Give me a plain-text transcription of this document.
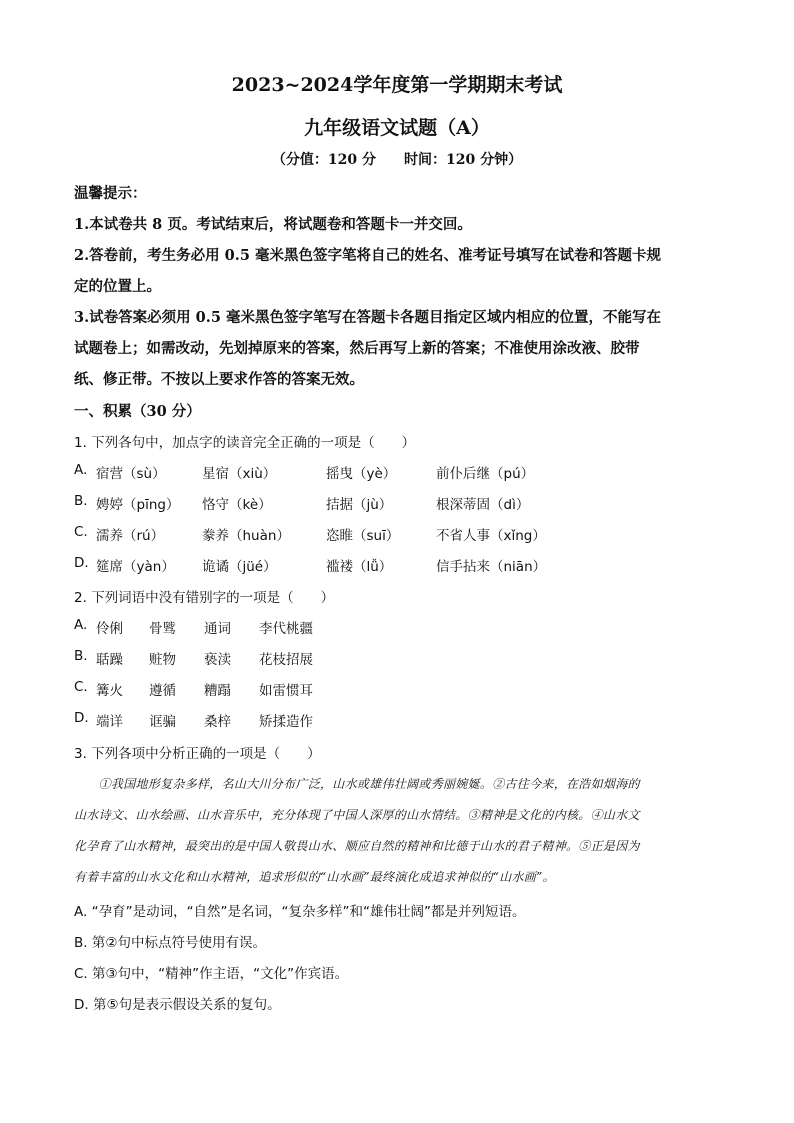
2023~2024学年度第一学期期末考试
九年级语文试题（A）
（分值：120 分　　时间：120 分钟）
温馨提示：
1.本试卷共 8 页。考试结束后，将试题卷和答题卡一并交回。
2.答卷前，考生务必用 0.5 毫米黑色签字笔将自己的姓名、准考证号填写在试卷和答题卡规
定的位置上。
3.试卷答案必须用 0.5 毫米黑色签字笔写在答题卡各题目指定区域内相应的位置，不能写在
试题卷上；如需改动，先划掉原来的答案，然后再写上新的答案；不准使用涂改液、胶带
纸、修正带。不按以上要求作答的答案无效。
一、积累（30 分）
1. 下列各句中，加点字的读音完全正确的一项是（　　）
A. 宿营（sù）	星宿（xiù）	摇曳（yè）	前仆后继（pú）
B. 娉婷（pīng） 恪守（kè）	拮据（jù）	根深蒂固（dì）
C. 濡养（rú）	豢养（huàn）	恣睢（suī）	不省人事（xǐng）
D. 筵席（yàn） 诡谲（jüé）	褴褛（lǚ）	信手拈来（niān）
2. 下列词语中没有错别字的一项是（　　）
A. 伶俐 骨骘 通词 李代桃疆
B. 聒躁 赃物 亵渎 花枝招展
C. 篝火 遵循 糟蹋 如雷惯耳
D. 端详 诓骗 桑梓 矫揉造作
3. 下列各项中分析正确的一项是（　　）
　　①我国地形复杂多样，名山大川分布广泛，山水或雄伟壮阔或秀丽婉娫。②古往今来，在浩如烟海的
山水诗文、山水绘画、山水音乐中，充分体现了中国人深厚的山水情结。③精神是文化的内核。④山水文
化孕育了山水精神，最突出的是中国人敬畏山水、顺应自然的精神和比德于山水的君子精神。⑤正是因为
有着丰富的山水文化和山水精神，追求形似的“山水画”最终演化成追求神似的“山水画”。
A. “孕育”是动词，“自然”是名词，“复杂多样”和“雄伟壮阔”都是并列短语。
B. 第②句中标点符号使用有误。
C. 第③句中，“精神”作主语，“文化”作宾语。
D. 第⑤句是表示假设关系的复句。
